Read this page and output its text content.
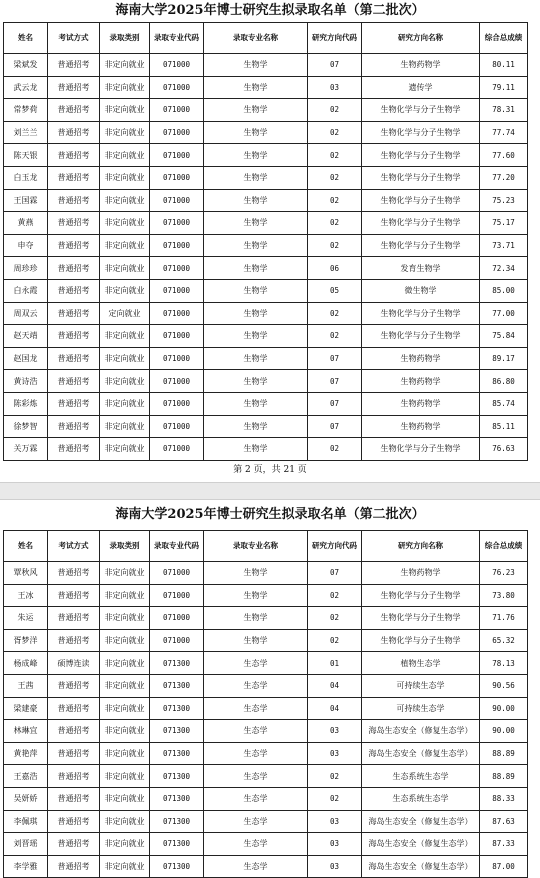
海南大学2025年博士研究生拟录取名单（第二批次）
姓名	考试方式	录取类别	录取专业代码	录取专业名称	研究方向代码	研究方向名称	综合总成绩
梁斌发	普通招考	非定向就业	071000	生物学	07	生物药物学	80.11
武云龙	普通招考	非定向就业	071000	生物学	03	遗传学	79.11
常梦荷	普通招考	非定向就业	071000	生物学	02	生物化学与分子生物学	78.31
刘兰兰	普通招考	非定向就业	071000	生物学	02	生物化学与分子生物学	77.74
陈天银	普通招考	非定向就业	071000	生物学	02	生物化学与分子生物学	77.60
白玉龙	普通招考	非定向就业	071000	生物学	02	生物化学与分子生物学	77.20
王国霖	普通招考	非定向就业	071000	生物学	02	生物化学与分子生物学	75.23
黄燕	普通招考	非定向就业	071000	生物学	02	生物化学与分子生物学	75.17
申夺	普通招考	非定向就业	071000	生物学	02	生物化学与分子生物学	73.71
周珍珍	普通招考	非定向就业	071000	生物学	06	发育生物学	72.34
白永霞	普通招考	非定向就业	071000	生物学	05	微生物学	85.00
周双云	普通招考	定向就业	071000	生物学	02	生物化学与分子生物学	77.00
赵天靖	普通招考	非定向就业	071000	生物学	02	生物化学与分子生物学	75.84
赵国龙	普通招考	非定向就业	071000	生物学	07	生物药物学	89.17
黄诗浩	普通招考	非定向就业	071000	生物学	07	生物药物学	86.80
陈彩炼	普通招考	非定向就业	071000	生物学	07	生物药物学	85.74
徐梦智	普通招考	非定向就业	071000	生物学	07	生物药物学	85.11
关万霖	普通招考	非定向就业	071000	生物学	02	生物化学与分子生物学	76.63
第 2 页，共 21 页
海南大学2025年博士研究生拟录取名单（第二批次）
姓名	考试方式	录取类别	录取专业代码	录取专业名称	研究方向代码	研究方向名称	综合总成绩
覃秋风	普通招考	非定向就业	071000	生物学	07	生物药物学	76.23
王冰	普通招考	非定向就业	071000	生物学	02	生物化学与分子生物学	73.80
朱运	普通招考	非定向就业	071000	生物学	02	生物化学与分子生物学	71.76
胥梦洋	普通招考	非定向就业	071000	生物学	02	生物化学与分子生物学	65.32
杨成峰	硕博连读	非定向就业	071300	生态学	01	植物生态学	78.13
王茜	普通招考	非定向就业	071300	生态学	04	可持续生态学	90.56
梁建豪	普通招考	非定向就业	071300	生态学	04	可持续生态学	90.00
林琳宜	普通招考	非定向就业	071300	生态学	03	海岛生态安全（修复生态学）	90.00
黄艳萍	普通招考	非定向就业	071300	生态学	03	海岛生态安全（修复生态学）	88.89
王嘉浩	普通招考	非定向就业	071300	生态学	02	生态系统生态学	88.89
吴妍娇	普通招考	非定向就业	071300	生态学	02	生态系统生态学	88.33
李佩琪	普通招考	非定向就业	071300	生态学	03	海岛生态安全（修复生态学）	87.63
刘晋瑶	普通招考	非定向就业	071300	生态学	03	海岛生态安全（修复生态学）	87.33
李学雅	普通招考	非定向就业	071300	生态学	03	海岛生态安全（修复生态学）	87.00
